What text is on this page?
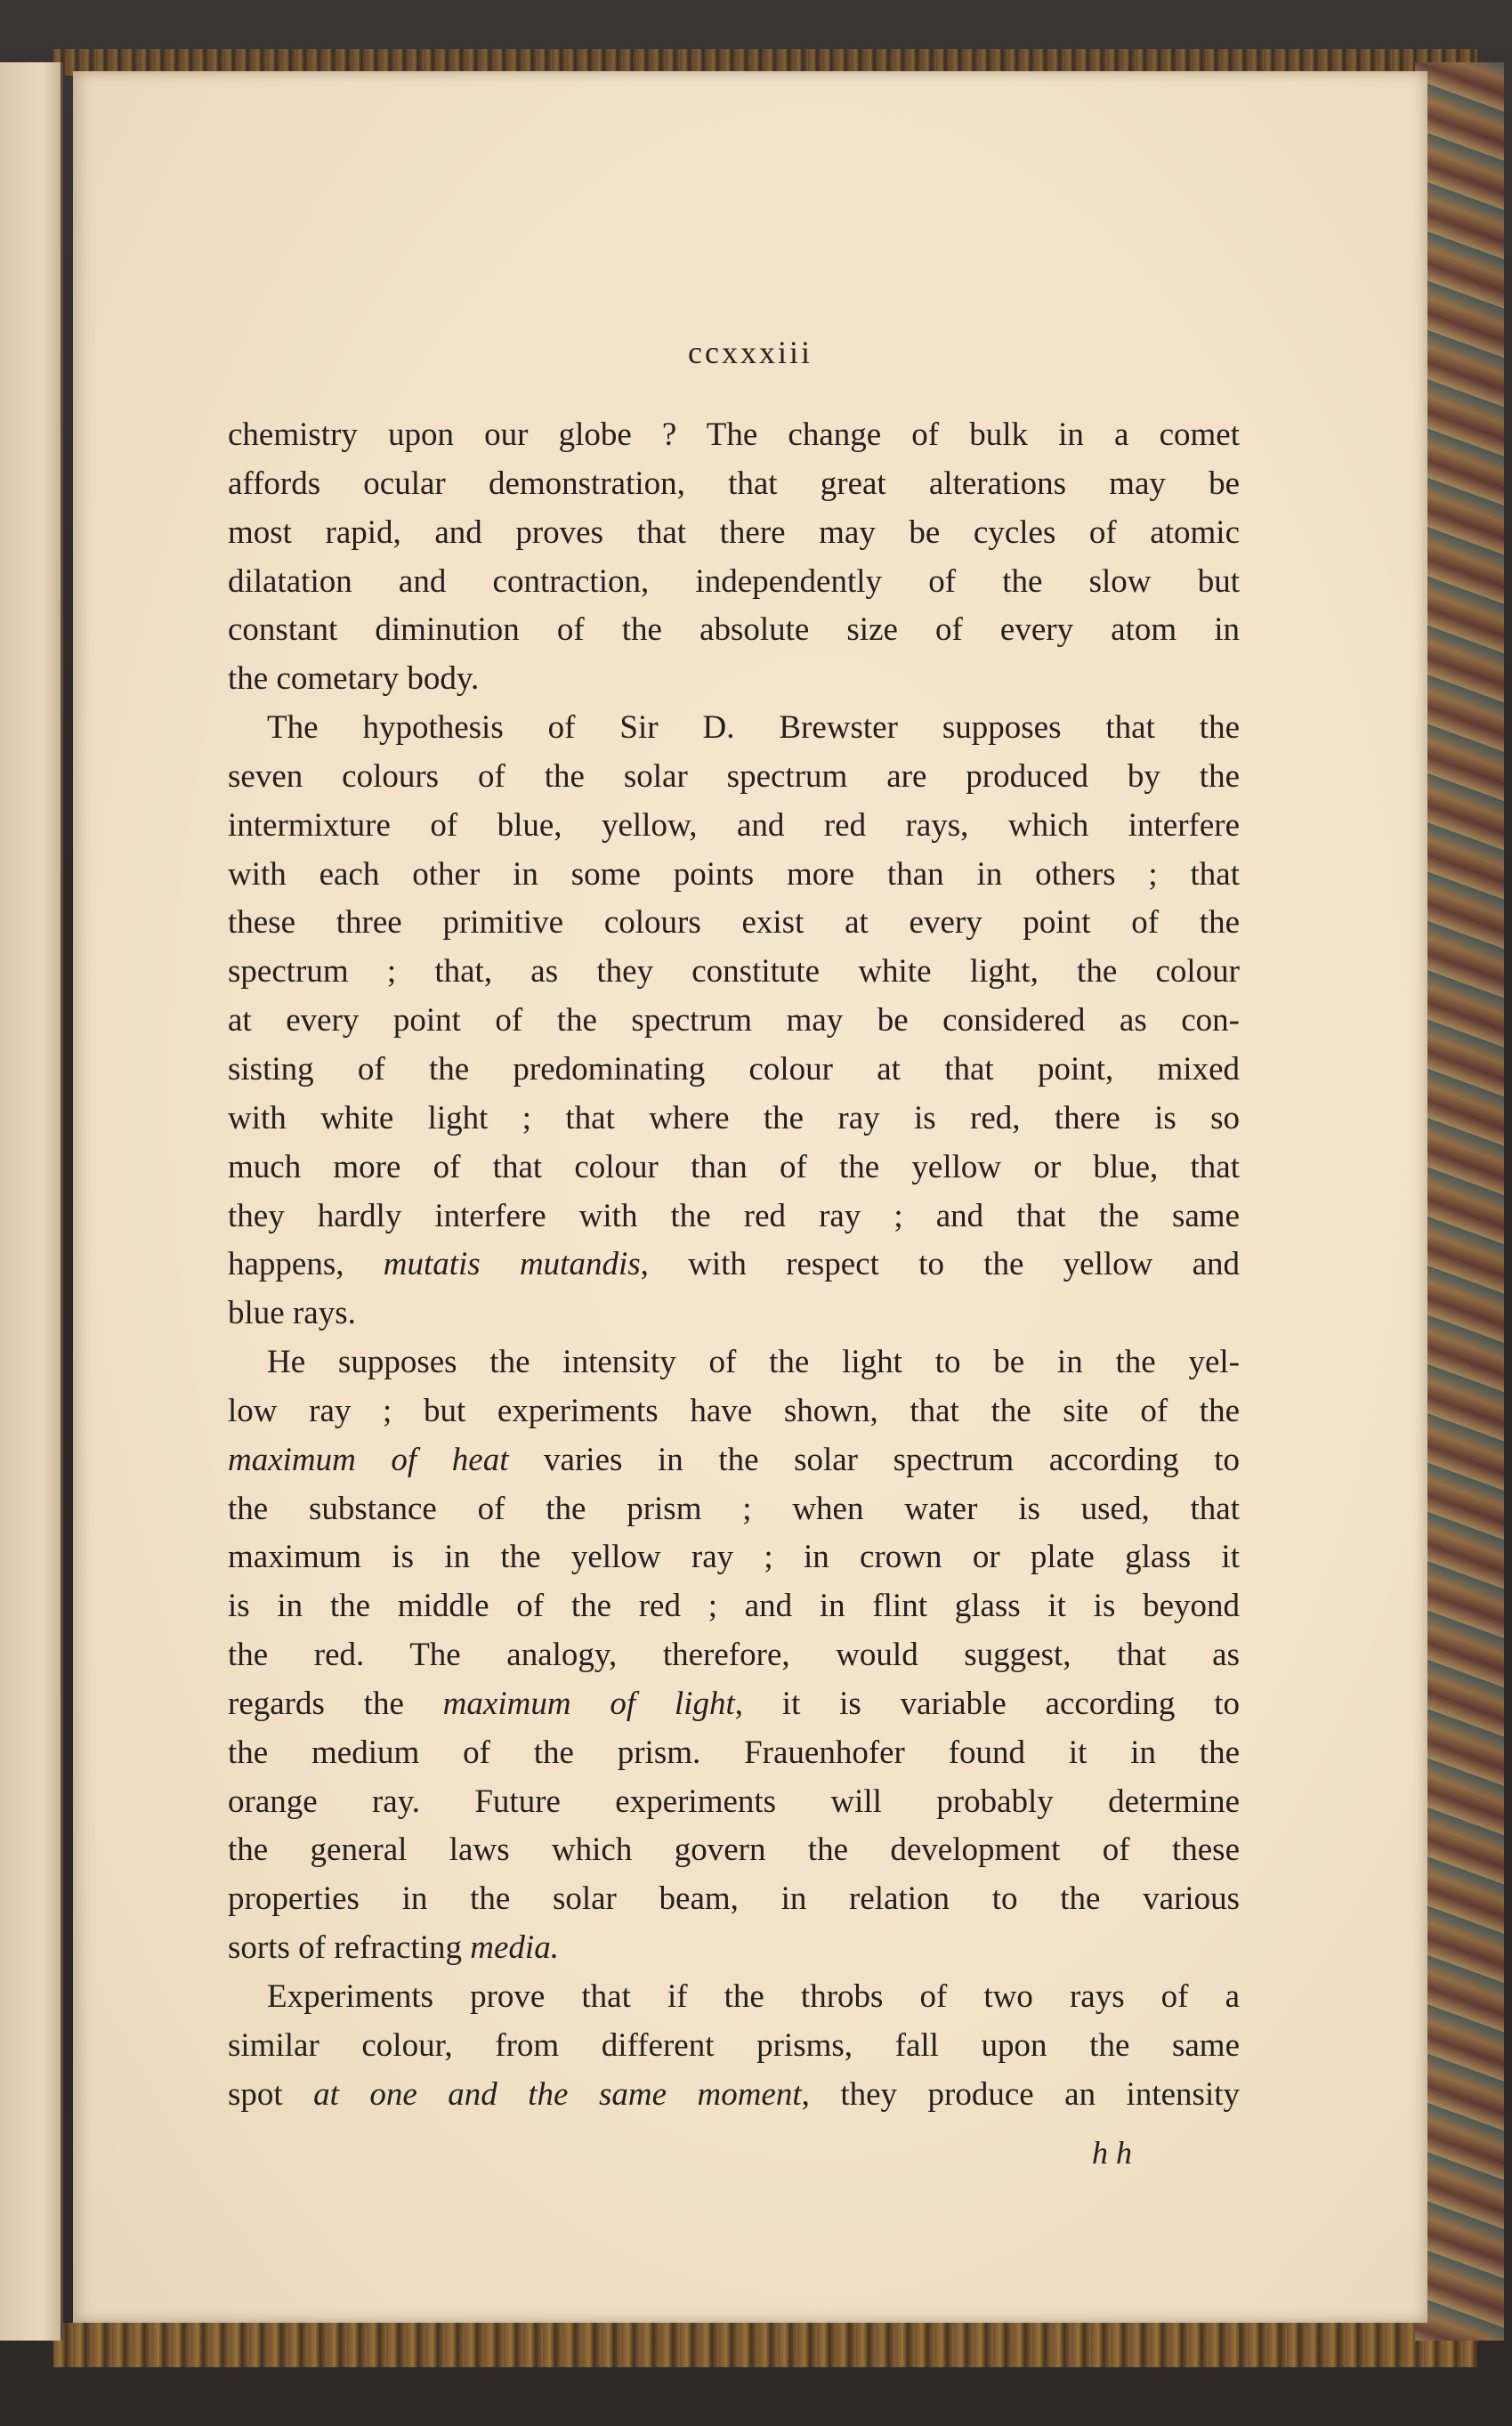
ccxxxiii
chemistry upon our globe ? The change of bulk in a comet
affords ocular demonstration, that great alterations may be
most rapid, and proves that there may be cycles of atomic
dilatation and contraction, independently of the slow but
constant diminution of the absolute size of every atom in
the cometary body.
The hypothesis of Sir D. Brewster supposes that the
seven colours of the solar spectrum are produced by the
intermixture of blue, yellow, and red rays, which interfere
with each other in some points more than in others ; that
these three primitive colours exist at every point of the
spectrum ; that, as they constitute white light, the colour
at every point of the spectrum may be considered as con-
sisting of the predominating colour at that point, mixed
with white light ; that where the ray is red, there is so
much more of that colour than of the yellow or blue, that
they hardly interfere with the red ray ; and that the same
happens, mutatis mutandis, with respect to the yellow and
blue rays.
He supposes the intensity of the light to be in the yel-
low ray ; but experiments have shown, that the site of the
maximum of heat varies in the solar spectrum according to
the substance of the prism ; when water is used, that
maximum is in the yellow ray ; in crown or plate glass it
is in the middle of the red ; and in flint glass it is beyond
the red. The analogy, therefore, would suggest, that as
regards the maximum of light, it is variable according to
the medium of the prism. Frauenhofer found it in the
orange ray. Future experiments will probably determine
the general laws which govern the development of these
properties in the solar beam, in relation to the various
sorts of refracting media.
Experiments prove that if the throbs of two rays of a
similar colour, from different prisms, fall upon the same
spot at one and the same moment, they produce an intensity
h h
